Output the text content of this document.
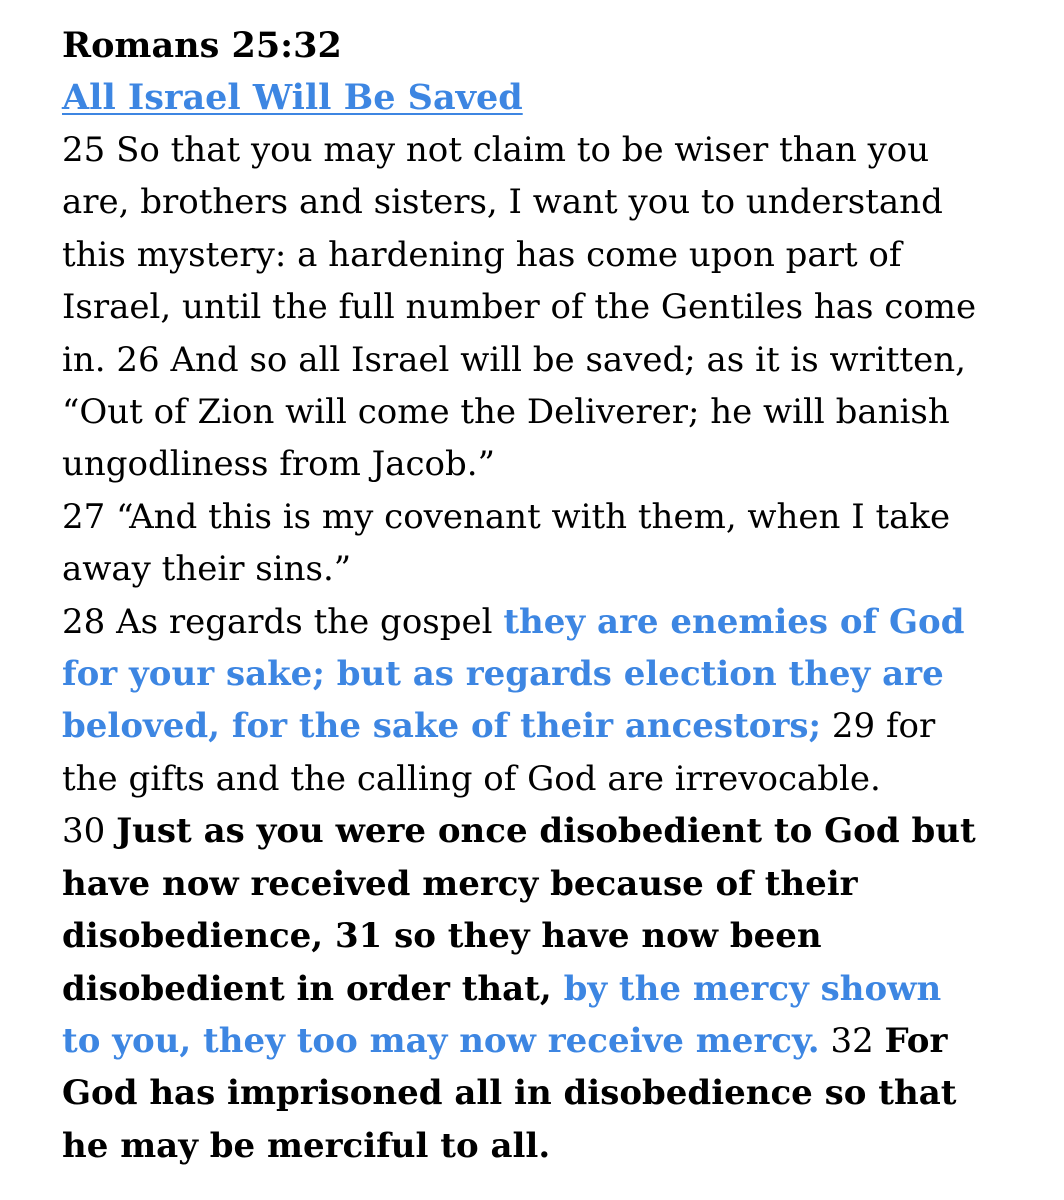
Romans 25:32
All Israel Will Be Saved
25 So that you may not claim to be wiser than you
are, brothers and sisters, I want you to understand
this mystery: a hardening has come upon part of
Israel, until the full number of the Gentiles has come
in. 26 And so all Israel will be saved; as it is written,
“Out of Zion will come the Deliverer; he will banish
ungodliness from Jacob.”
27 “And this is my covenant with them, when I take
away their sins.”
28 As regards the gospel they are enemies of God
for your sake; but as regards election they are
beloved, for the sake of their ancestors; 29 for
the gifts and the calling of God are irrevocable.
30 Just as you were once disobedient to God but
have now received mercy because of their
disobedience, 31 so they have now been
disobedient in order that, by the mercy shown
to you, they too may now receive mercy. 32 For
God has imprisoned all in disobedience so that
he may be merciful to all.
